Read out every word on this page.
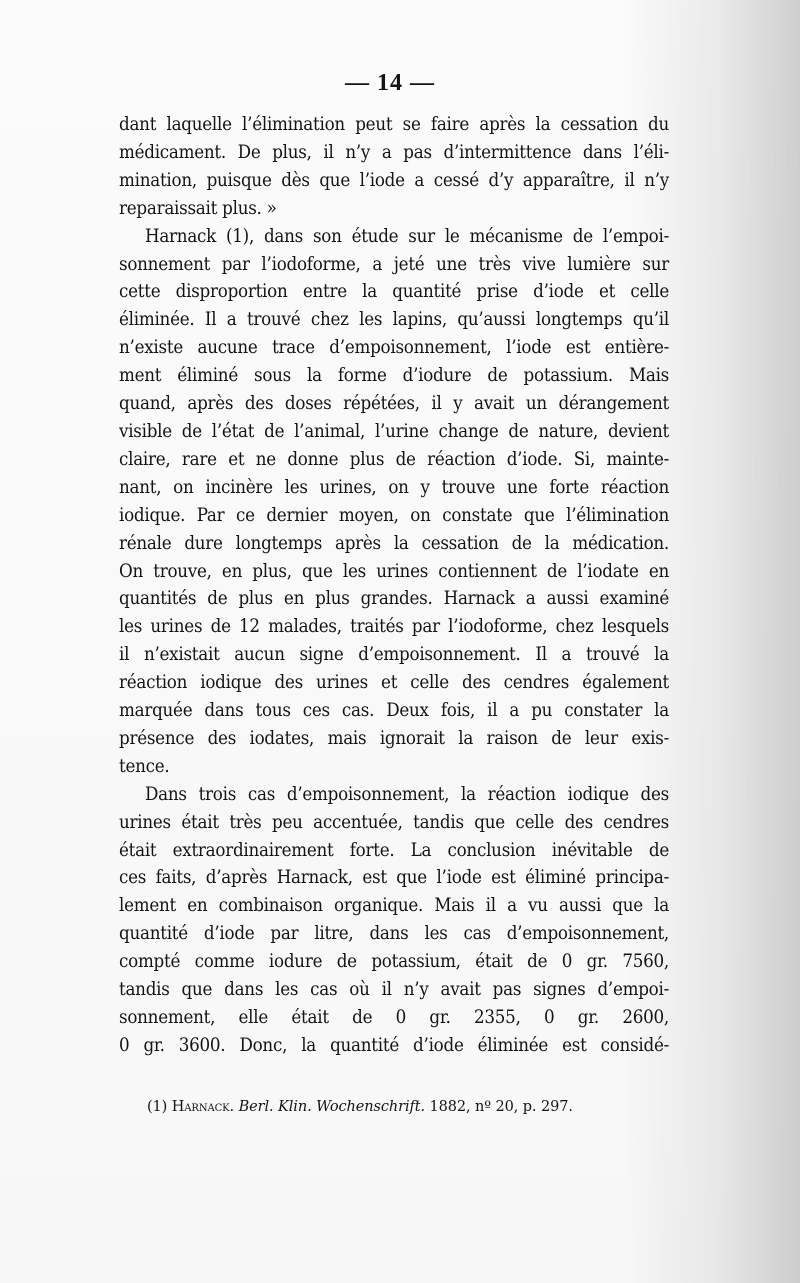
— 14 —

dant laquelle l’élimination peut se faire après la cessation du
médicament. De plus, il n’y a pas d’intermittence dans l’éli-
mination, puisque dès que l’iode a cessé d’y apparaître, il n’y
reparaissait plus. »

Harnack (1), dans son étude sur le mécanisme de l’empoi-
sonnement par l’iodoforme, a jeté une très vive lumière sur
cette disproportion entre la quantité prise d’iode et celle
éliminée. Il a trouvé chez les lapins, qu’aussi longtemps qu’il
n’existe aucune trace d’empoisonnement, l’iode est entière-
ment éliminé sous la forme d’iodure de potassium. Mais
quand, après des doses répétées, il y avait un dérangement
visible de l’état de l’animal, l’urine change de nature, devient
claire, rare et ne donne plus de réaction d’iode. Si, mainte-
nant, on incinère les urines, on y trouve une forte réaction
iodique. Par ce dernier moyen, on constate que l’élimination
rénale dure longtemps après la cessation de la médication.
On trouve, en plus, que les urines contiennent de l’iodate en
quantités de plus en plus grandes. Harnack a aussi examiné
les urines de 12 malades, traités par l’iodoforme, chez lesquels
il n’existait aucun signe d’empoisonnement. Il a trouvé la
réaction iodique des urines et celle des cendres également
marquée dans tous ces cas. Deux fois, il a pu constater la
présence des iodates, mais ignorait la raison de leur exis-
tence.

Dans trois cas d’empoisonnement, la réaction iodique des
urines était très peu accentuée, tandis que celle des cendres
était extraordinairement forte. La conclusion inévitable de
ces faits, d’après Harnack, est que l’iode est éliminé principa-
lement en combinaison organique. Mais il a vu aussi que la
quantité d’iode par litre, dans les cas d’empoisonnement,
compté comme iodure de potassium, était de 0 gr. 7560,
tandis que dans les cas où il n’y avait pas signes d’empoi-
sonnement, elle était de 0 gr. 2355, 0 gr. 2600,
0 gr. 3600. Donc, la quantité d’iode éliminée est considé-

(1) Harnack. Berl. Klin. Wochenschrift. 1882, nº 20, p. 297.
